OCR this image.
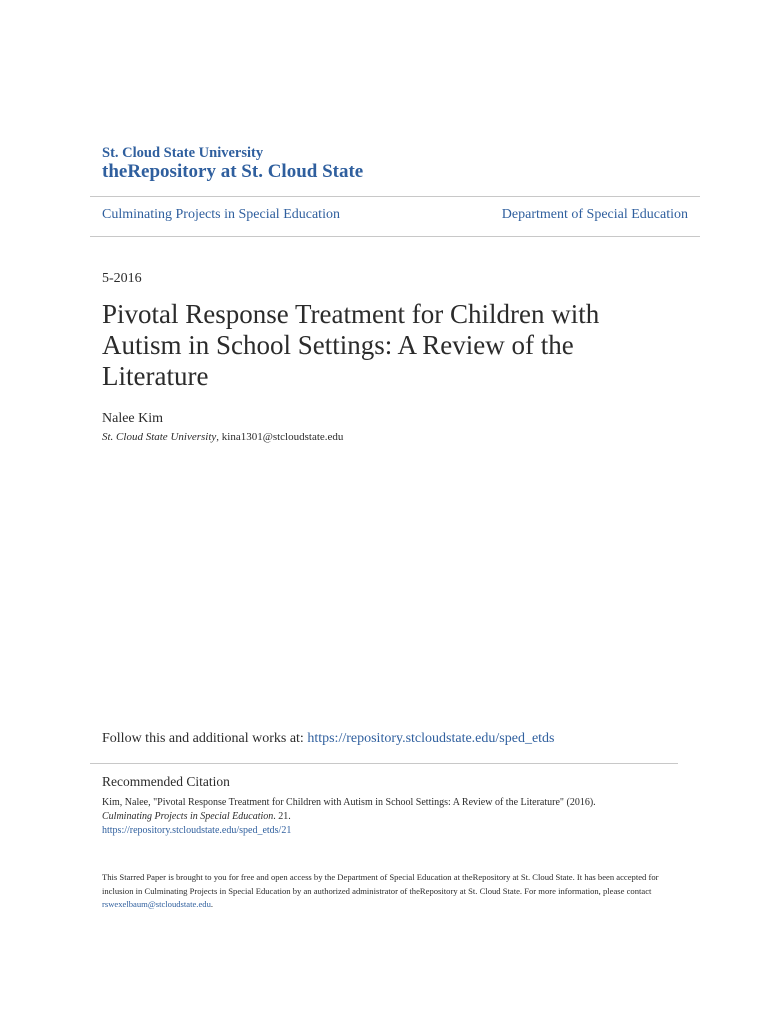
St. Cloud State University
theRepository at St. Cloud State
Culminating Projects in Special Education	Department of Special Education
5-2016
Pivotal Response Treatment for Children with Autism in School Settings: A Review of the Literature
Nalee Kim
St. Cloud State University, kina1301@stcloudstate.edu
Follow this and additional works at: https://repository.stcloudstate.edu/sped_etds
Recommended Citation
Kim, Nalee, "Pivotal Response Treatment for Children with Autism in School Settings: A Review of the Literature" (2016).
Culminating Projects in Special Education. 21.
https://repository.stcloudstate.edu/sped_etds/21
This Starred Paper is brought to you for free and open access by the Department of Special Education at theRepository at St. Cloud State. It has been accepted for inclusion in Culminating Projects in Special Education by an authorized administrator of theRepository at St. Cloud State. For more information, please contact rswexelbaum@stcloudstate.edu.
